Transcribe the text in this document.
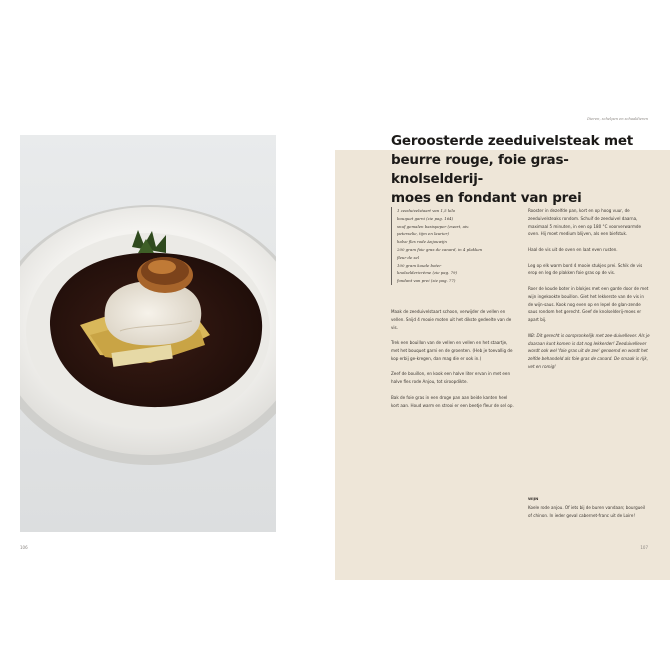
106
Dieren, schelpen en schaaldieren
Geroosterde zeeduivelsteak met
beurre rouge, foie gras-knolselderij-
moes en fondant van prei
1 zeeduivelstaart van 1,5 kilo
bouquet garni (zie pag. 164)
snuf gemalen basispeper (zwart, aiv.
peterselie, tijm en laurier)
halve fles rode Anjouwijn
200 gram foie gras de canard, in 4 plakken
fleur de sel
100 gram koude boter
knolseldericrème (zie pag. 79)
fondant van prei (zie pag. 77)

Maak de zeeduivelstaart schoon, verwijder de vellen en vellen. Snijd 4 mooie moten uit het dikste gedeelte van de vis.

Trek een bouillon van de vellen en vellen en het staartje, met het bouquet garni en de groenten. (Heb je toevallig de kop erbij ge-kregen, dan mag die er ook in.)

Zeef de bouillon, en kook een halve liter ervan in met een halve fles rode Anjou, tot siroopdikte.

Bak de foie gras in een droge pan aan beide kanten heel kort aan. Houd warm en strooi er een beetje fleur de sel op.

Rooster in dezelfde pan, kort en op hoog vuur, de zeeduivelsteaks rondom. Schuif de zeeduivel daarna, maximaal 5 minuten, in een op 180 °C voorverwarmde oven. Hij moet medium blijven, als een biefstuk.

Haal de vis uit de oven en laat even rusten.

Leg op elk warm bord 4 mooie stukjes prei. Schik de vis erop en leg de plakken foie gras op de vis.

Roer de koude boter in blokjes met een garde door de met wijn ingekookte bouillon. Giet het lekkerste van de vis in de wijn-saus. Kook nog even op en lepel de glan-zende saus rondom het gerecht. Geef de knolselderij-moes er apart bij.

NB: Dit gerecht is oorspronkelijk met zee-duivellever. Als je daaraan kunt komen is dat nog lekkerder! Zeeduivellever wordt ook wel 'foie gras uit de zee' genoemd en wordt het zelfde behandeld als foie gras de canard. De smaak is rijk, vet en romig!

WIJN

Koele rode anjou. Of iets bij de buren vandaan; bourgueil of chinon. In ieder geval cabernet-franc uit de Loire!

107
